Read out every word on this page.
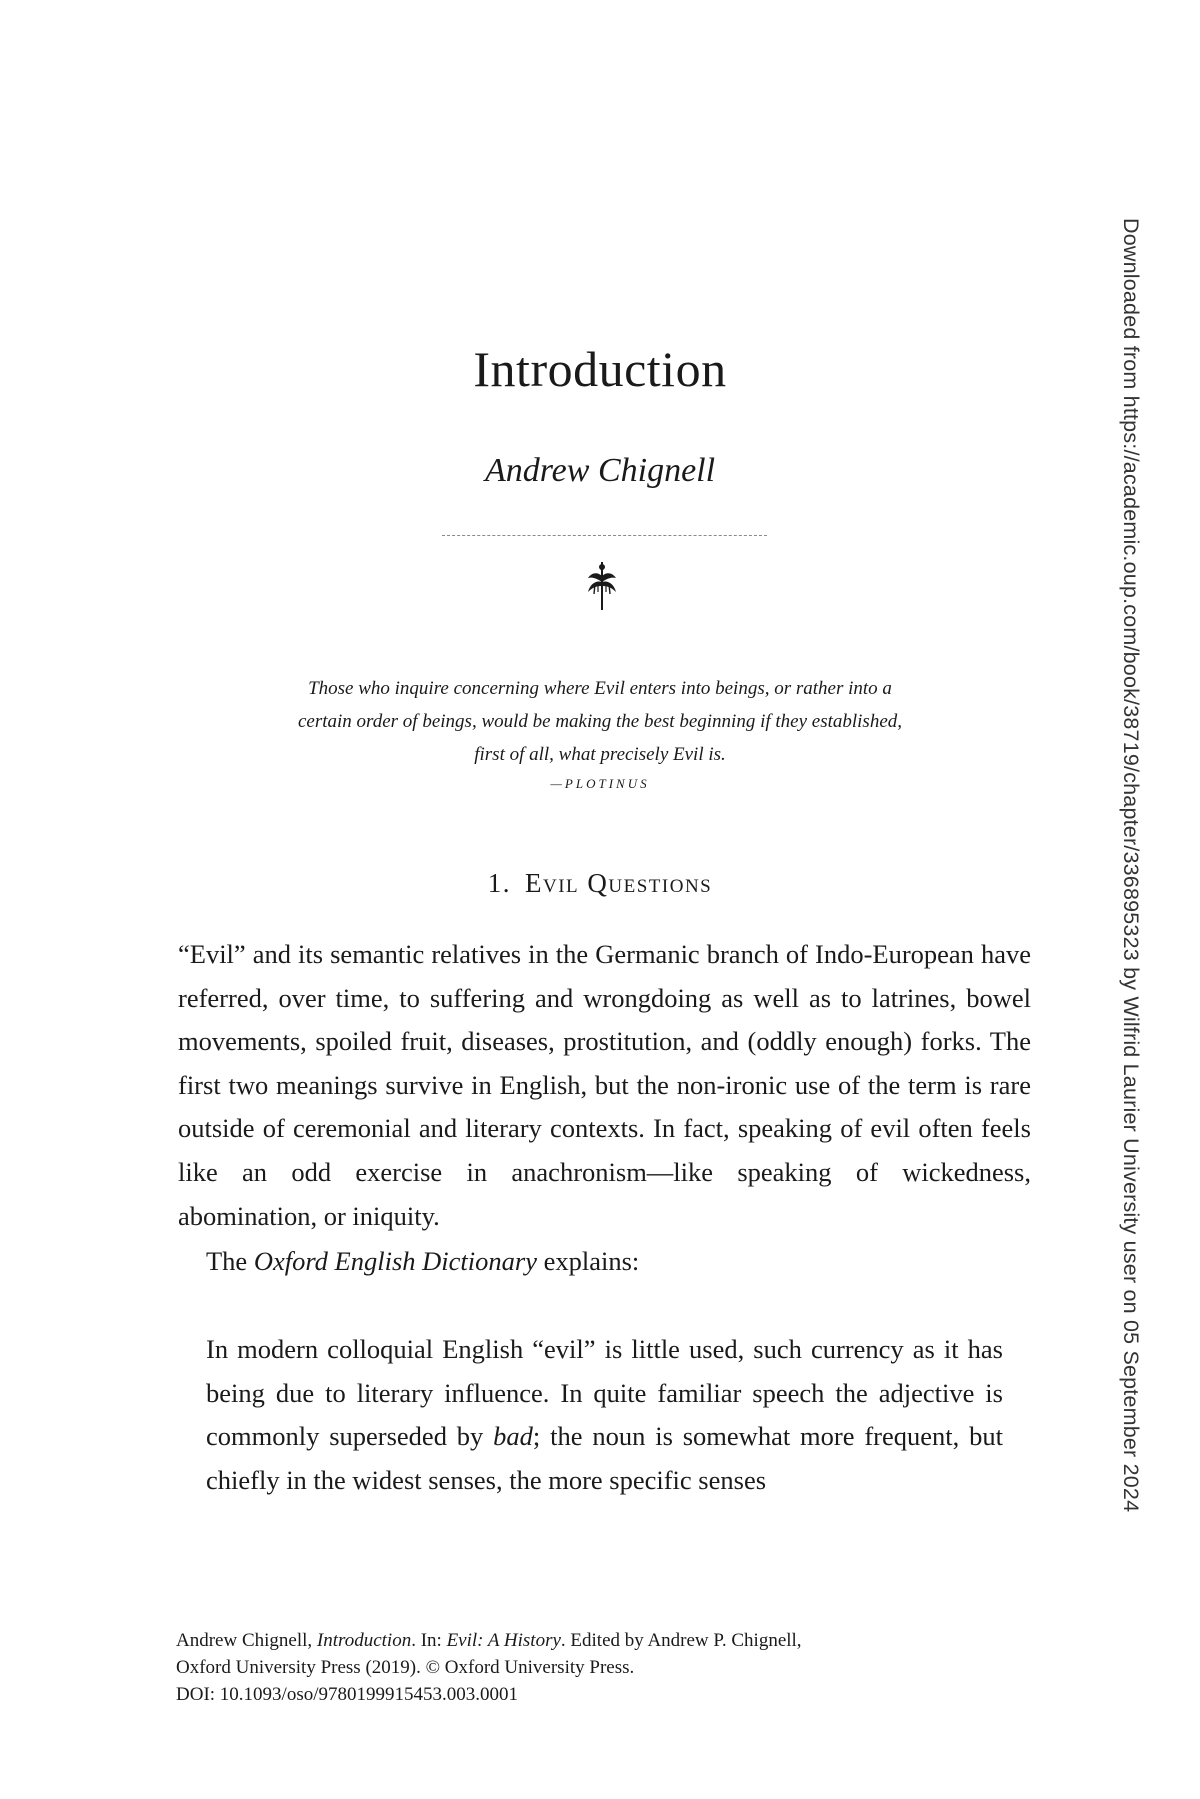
Introduction
Andrew Chignell
Those who inquire concerning where Evil enters into beings, or rather into a
certain order of beings, would be making the best beginning if they established,
first of all, what precisely Evil is.
—PLOTINUS
1. Evil Questions

“Evil” and its semantic relatives in the Germanic branch of Indo-European have referred, over time, to suffering and wrongdoing as well as to latrines, bowel movements, spoiled fruit, diseases, prostitution, and (oddly enough) forks. The first two meanings survive in English, but the non-ironic use of the term is rare outside of ceremonial and literary contexts. In fact, speaking of evil often feels like an odd exercise in anachronism—like speaking of wickedness, abomination, or iniquity.

The Oxford English Dictionary explains:

In modern colloquial English “evil” is little used, such currency as it has being due to literary influence. In quite familiar speech the adjective is commonly superseded by bad; the noun is somewhat more frequent, but chiefly in the widest senses, the more specific senses

Andrew Chignell, Introduction. In: Evil: A History. Edited by Andrew P. Chignell,
Oxford University Press (2019). © Oxford University Press.
DOI: 10.1093/oso/9780199915453.003.0001
Downloaded from https://academic.oup.com/book/38719/chapter/336895323 by Wilfrid Laurier University user on 05 September 2024
